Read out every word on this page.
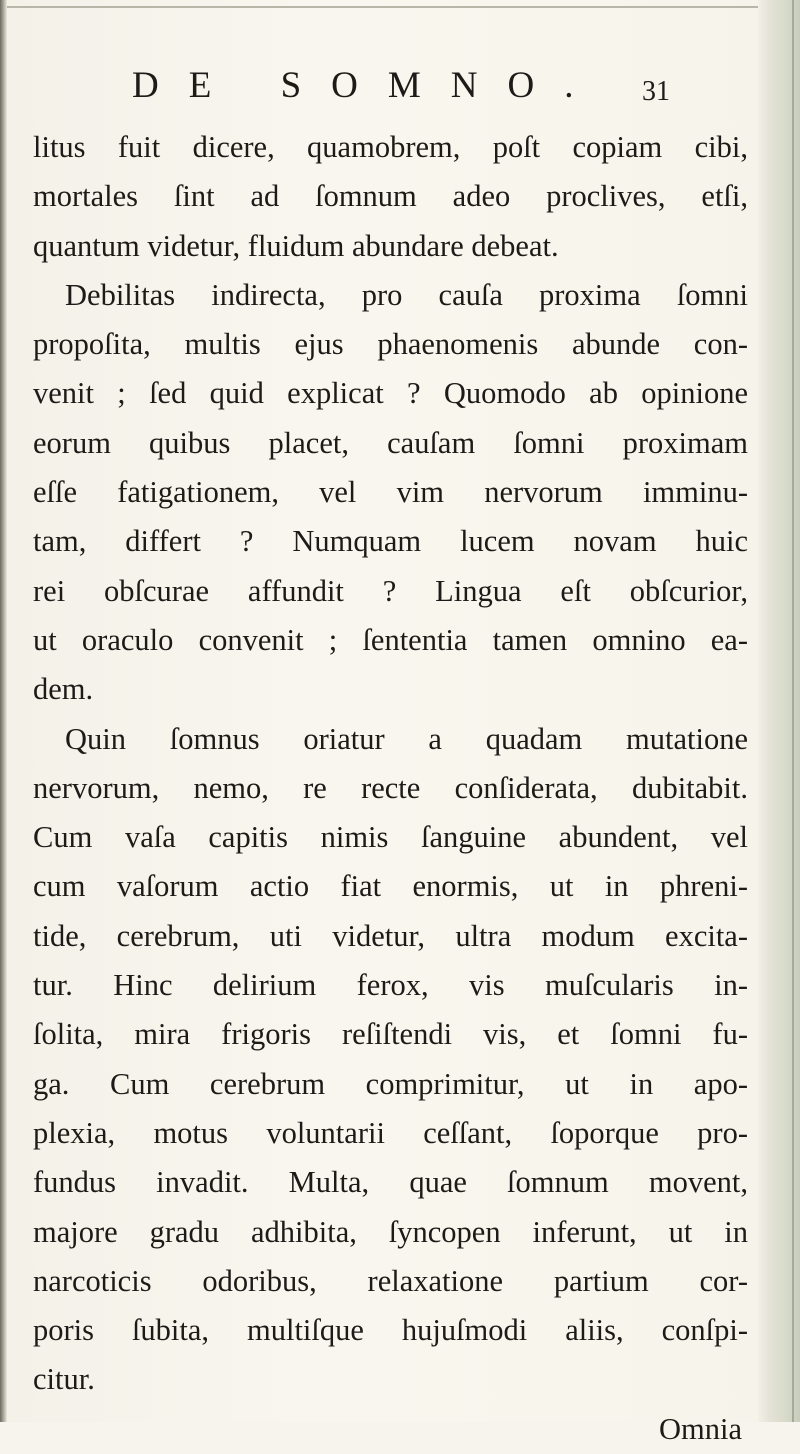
DE SOMNO. 31
litus fuit dicere, quamobrem, poſt copiam cibi,
mortales ſint ad ſomnum adeo proclives, etſi,
quantum videtur, fluidum abundare debeat.
Debilitas indirecta, pro cauſa proxima ſomni
propoſita, multis ejus phaenomenis abunde con-
venit ; ſed quid explicat ? Quomodo ab opinione
eorum quibus placet, cauſam ſomni proximam
eſſe fatigationem, vel vim nervorum imminu-
tam, differt ? Numquam lucem novam huic
rei obſcurae affundit ? Lingua eſt obſcurior,
ut oraculo convenit ; ſententia tamen omnino ea-
dem.
Quin ſomnus oriatur a quadam mutatione
nervorum, nemo, re recte conſiderata, dubitabit.
Cum vaſa capitis nimis ſanguine abundent, vel
cum vaſorum actio fiat enormis, ut in phreni-
tide, cerebrum, uti videtur, ultra modum excita-
tur. Hinc delirium ferox, vis muſcularis in-
ſolita, mira frigoris reſiſtendi vis, et ſomni fu-
ga. Cum cerebrum comprimitur, ut in apo-
plexia, motus voluntarii ceſſant, ſoporque pro-
fundus invadit. Multa, quae ſomnum movent,
majore gradu adhibita, ſyncopen inferunt, ut in
narcoticis odoribus, relaxatione partium cor-
poris ſubita, multiſque hujuſmodi aliis, conſpi-
citur.
Omnia
